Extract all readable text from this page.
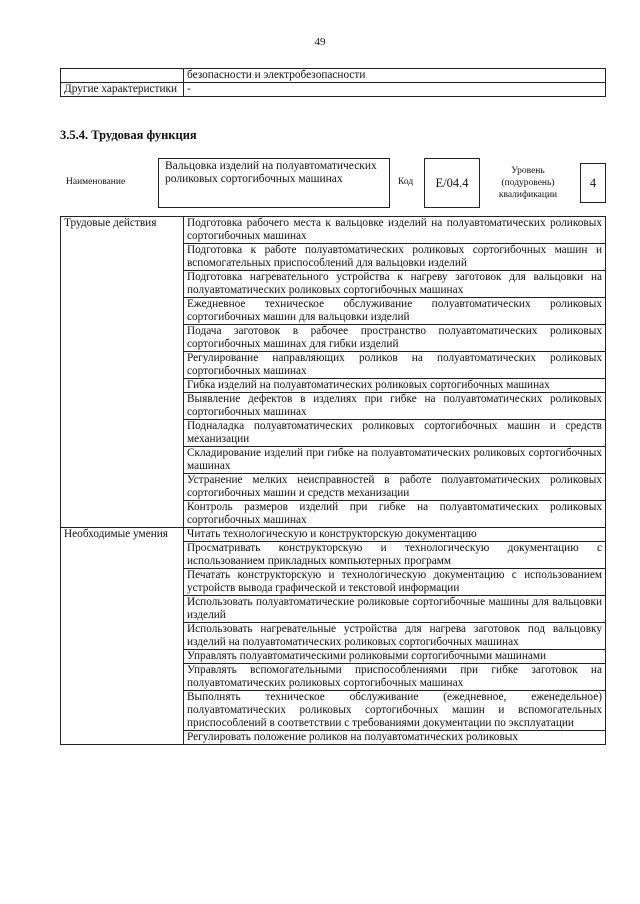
49
	безопасности и электробезопасности
Другие характеристики	-
3.5.4. Трудовая функция
Наименование
Вальцовка изделий на полуавтоматических роликовых сортогибочных машинах	Код	E/04.4
Уровень (подуровень) квалификации
4
Трудовые действия	Подготовка рабочего места к вальцовке изделий на полуавтоматических роликовых сортогибочных машинах
	Подготовка к работе полуавтоматических роликовых сортогибочных машин и вспомогательных приспособлений для вальцовки изделий
	Подготовка нагревательного устройства к нагреву заготовок для вальцовки на полуавтоматических роликовых сортогибочных машинах
	Ежедневное техническое обслуживание полуавтоматических роликовых сортогибочных машин для вальцовки изделий
	Подача заготовок в рабочее пространство полуавтоматических роликовых сортогибочных машинах для гибки изделий
	Регулирование направляющих роликов на полуавтоматических роликовых сортогибочных машинах
	Гибка изделий на полуавтоматических роликовых сортогибочных машинах
	Выявление дефектов в изделиях при гибке на полуавтоматических роликовых сортогибочных машинах
	Подналадка полуавтоматических роликовых сортогибочных машин и средств механизации
	Складирование изделий при гибке на полуавтоматических роликовых сортогибочных машинах
	Устранение мелких неисправностей в работе полуавтоматических роликовых сортогибочных машин и средств механизации
	Контроль размеров изделий при гибке на полуавтоматических роликовых сортогибочных машинах
Необходимые умения	Читать технологическую и конструкторскую документацию
	Просматривать конструкторскую и технологическую документацию с использованием прикладных компьютерных программ
	Печатать конструкторскую и технологическую документацию с использованием устройств вывода графической и текстовой информации
	Использовать полуавтоматические роликовые сортогибочные машины для вальцовки изделий
	Использовать нагревательные устройства для нагрева заготовок под вальцовку изделий на полуавтоматических роликовых сортогибочных машинах
	Управлять полуавтоматическими роликовыми сортогибочными машинами
	Управлять вспомогательными приспособлениями при гибке заготовок на полуавтоматических роликовых сортогибочных машинах
	Выполнять техническое обслуживание (ежедневное, еженедельное) полуавтоматических роликовых сортогибочных машин и вспомогательных приспособлений в соответствии с требованиями документации по эксплуатации
	Регулировать положение роликов на полуавтоматических роликовых
